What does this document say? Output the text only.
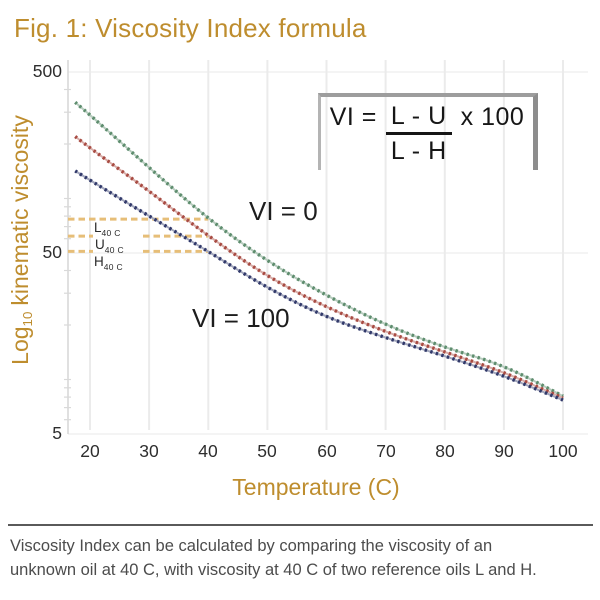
Fig. 1: Viscosity Index formula
Log$_{10}$kinematic viscosity
Temperature (C)
VI = $\frac{L - U}{L - H}$ x 100
VI = 0
VI = 100
$L_{40 C}$
$U_{40 C}$
$H_{40 C}$
Viscosity Index can be calculated by comparing the viscosity of an
unknown oil at 40 C, with viscosity at 40 C of two reference oils L and H.
20	30	40	50	60	70	80	90	100
500
50
5
